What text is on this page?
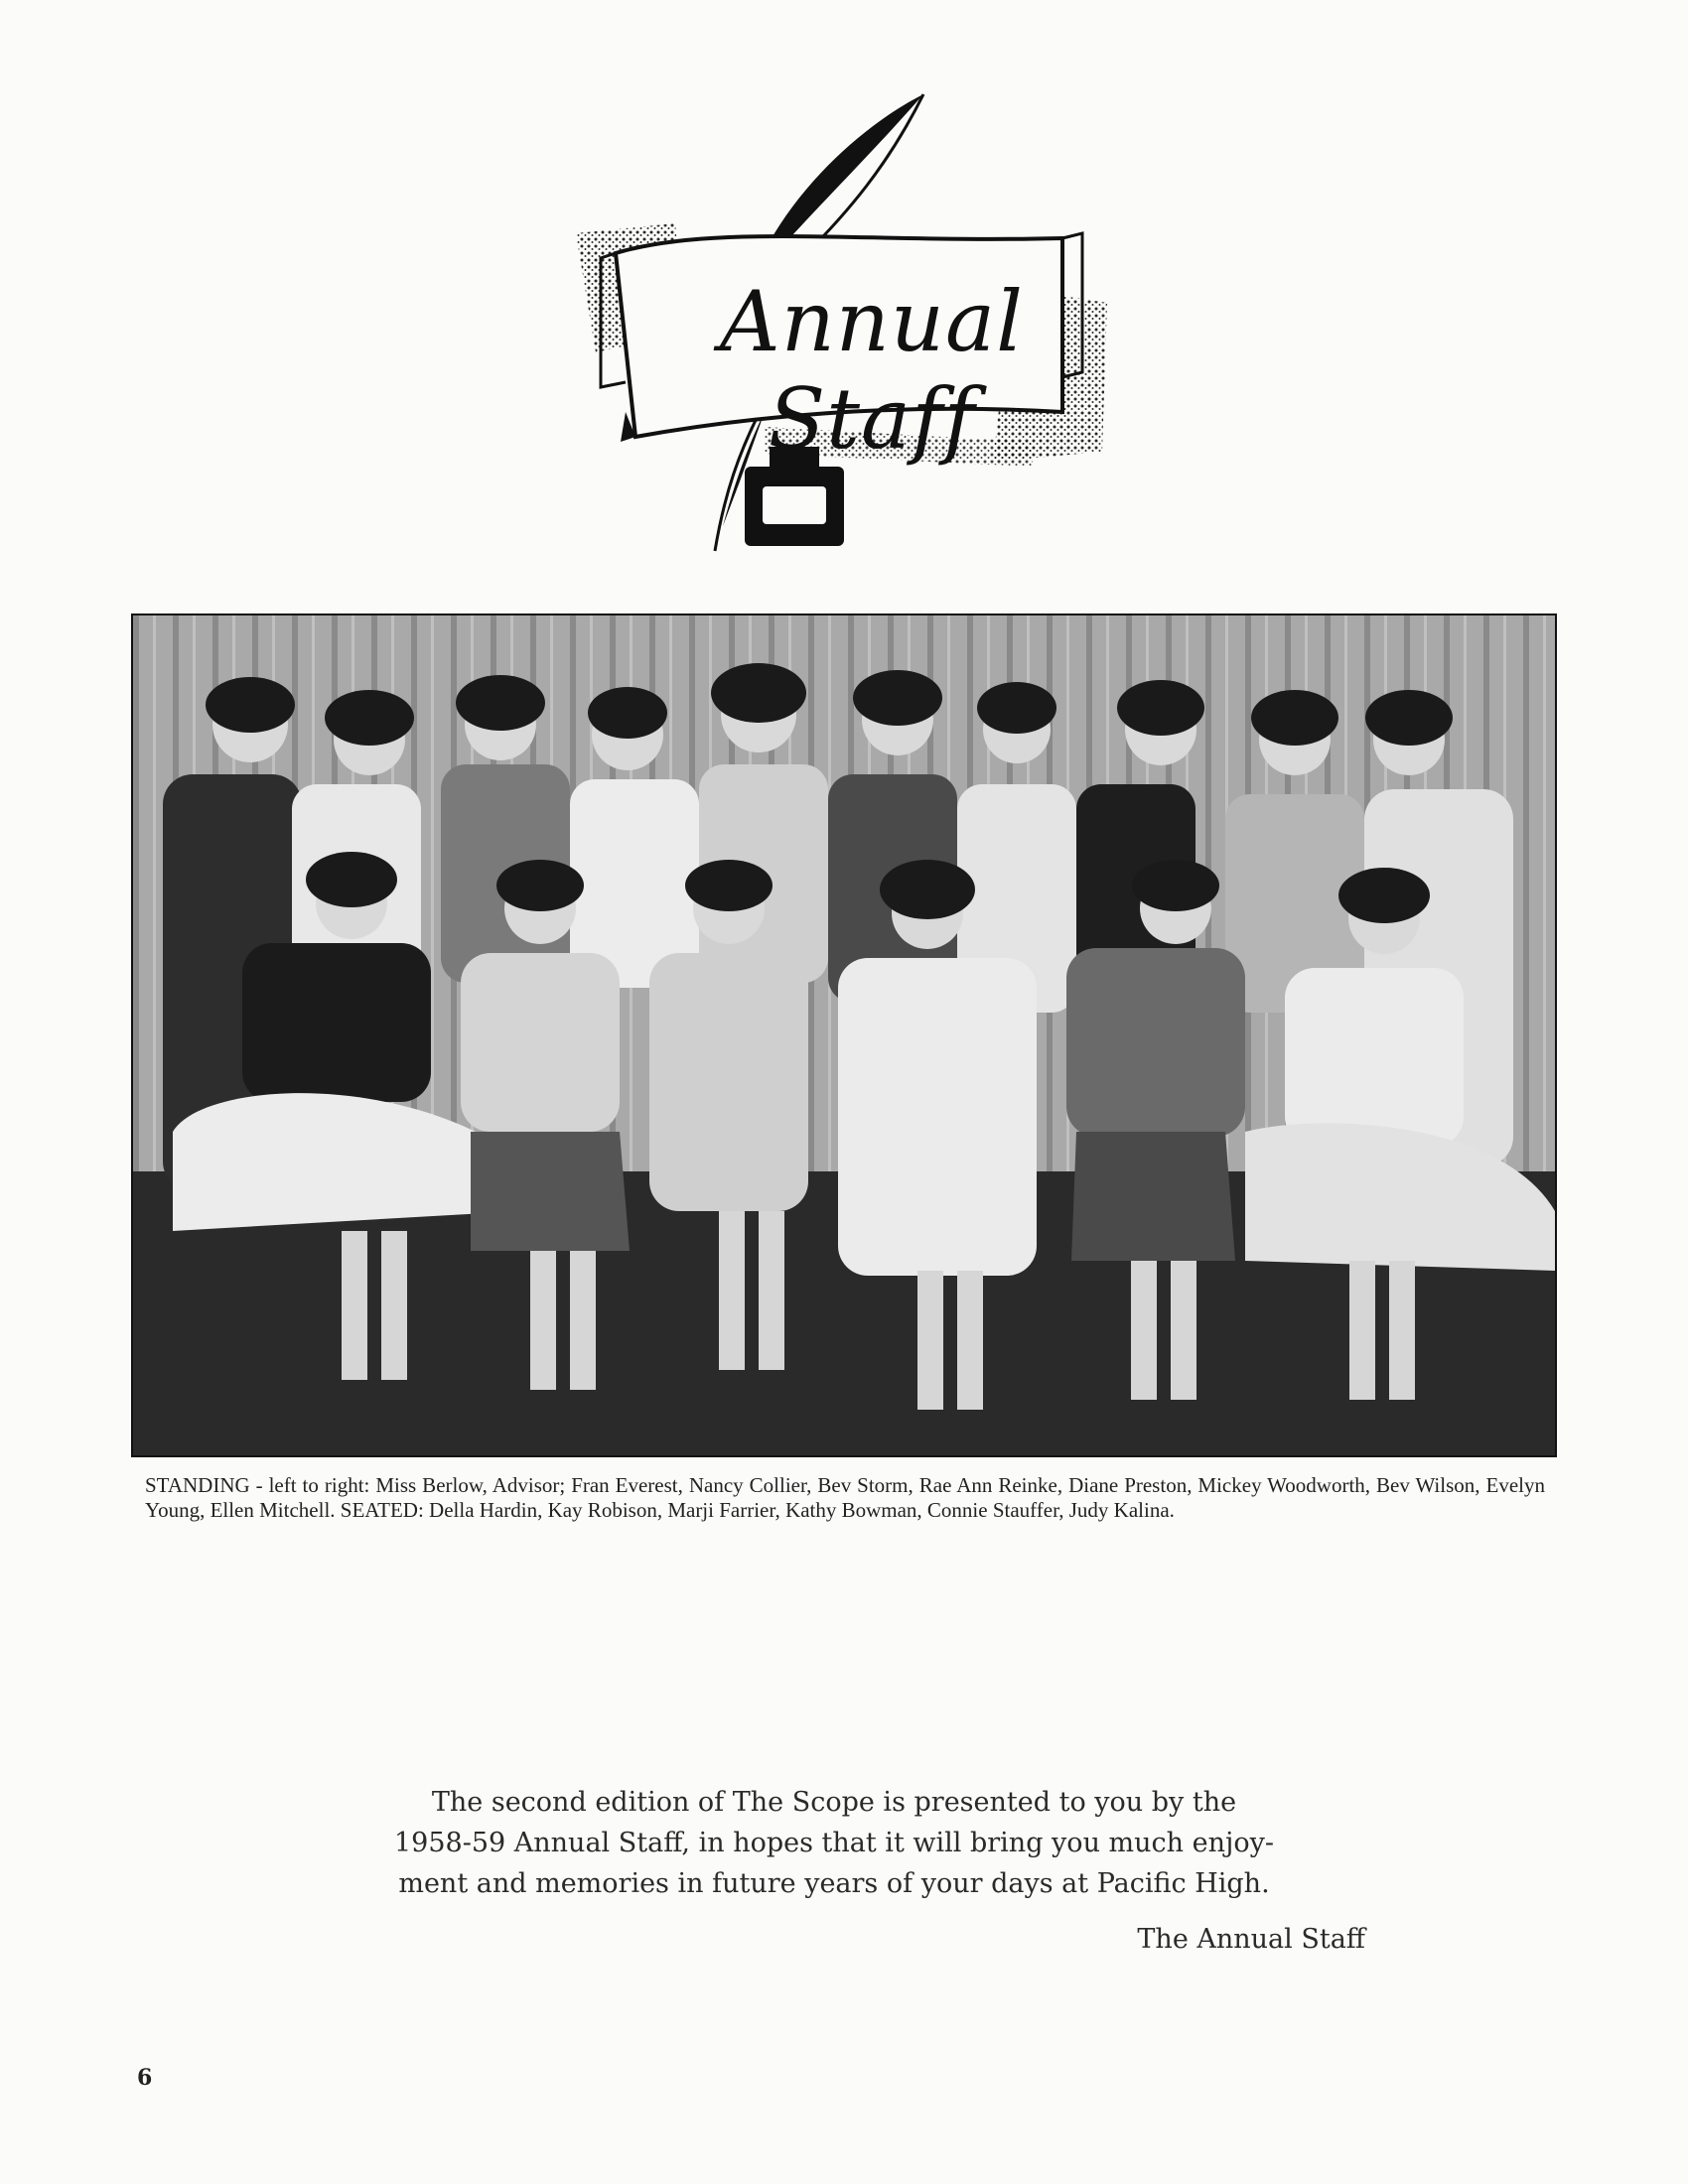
Annual Staff
STANDING - left to right: Miss Berlow, Advisor; Fran Everest, Nancy Collier, Bev Storm, Rae Ann Reinke, Diane Preston, Mickey Woodworth, Bev Wilson, Evelyn Young, Ellen Mitchell. SEATED: Della Hardin, Kay Robison, Marji Farrier, Kathy Bowman, Connie Stauffer, Judy Kalina.
The second edition of The Scope is presented to you by the
1958-59 Annual Staff, in hopes that it will bring you much enjoy-
ment and memories in future years of your days at Pacific High.
The Annual Staff
6
